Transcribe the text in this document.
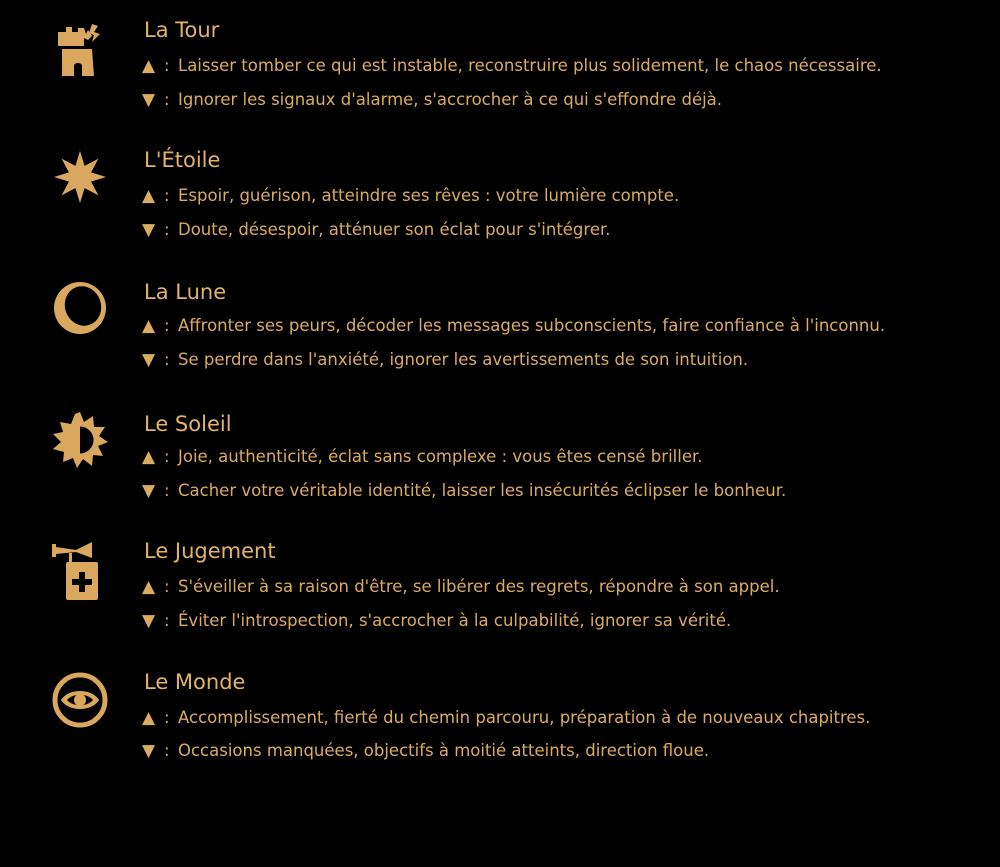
La Tour
▲ : Laisser tomber ce qui est instable, reconstruire plus solidement, le chaos nécessaire.
▼ : Ignorer les signaux d'alarme, s'accrocher à ce qui s'effondre déjà.
L'Étoile
▲ : Espoir, guérison, atteindre ses rêves : votre lumière compte.
▼ : Doute, désespoir, atténuer son éclat pour s'intégrer.
La Lune
▲ : Affronter ses peurs, décoder les messages subconscients, faire confiance à l'inconnu.
▼ : Se perdre dans l'anxiété, ignorer les avertissements de son intuition.
Le Soleil
▲ : Joie, authenticité, éclat sans complexe : vous êtes censé briller.
▼ : Cacher votre véritable identité, laisser les insécurités éclipser le bonheur.
Le Jugement
▲ : S'éveiller à sa raison d'être, se libérer des regrets, répondre à son appel.
▼ : Éviter l'introspection, s'accrocher à la culpabilité, ignorer sa vérité.
Le Monde
▲ : Accomplissement, fierté du chemin parcouru, préparation à de nouveaux chapitres.
▼ : Occasions manquées, objectifs à moitié atteints, direction floue.
